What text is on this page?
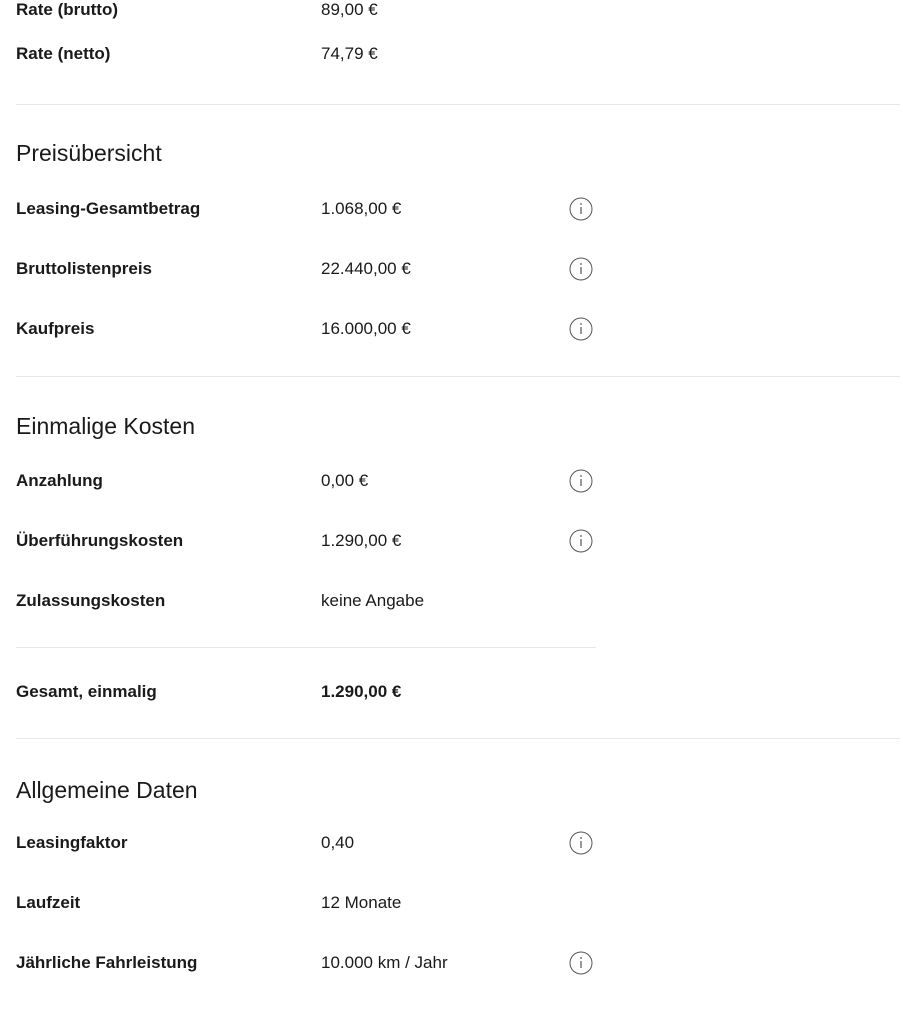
Rate (brutto)	89,00 €
Rate (netto)	74,79 €
Preisübersicht
Leasing-Gesamtbetrag	1.068,00 €
Bruttolistenpreis	22.440,00 €
Kaufpreis	16.000,00 €
Einmalige Kosten
Anzahlung	0,00 €
Überführungskosten	1.290,00 €
Zulassungskosten	keine Angabe
Gesamt, einmalig	1.290,00 €
Allgemeine Daten
Leasingfaktor	0,40
Laufzeit	12 Monate
Jährliche Fahrleistung	10.000 km / Jahr
